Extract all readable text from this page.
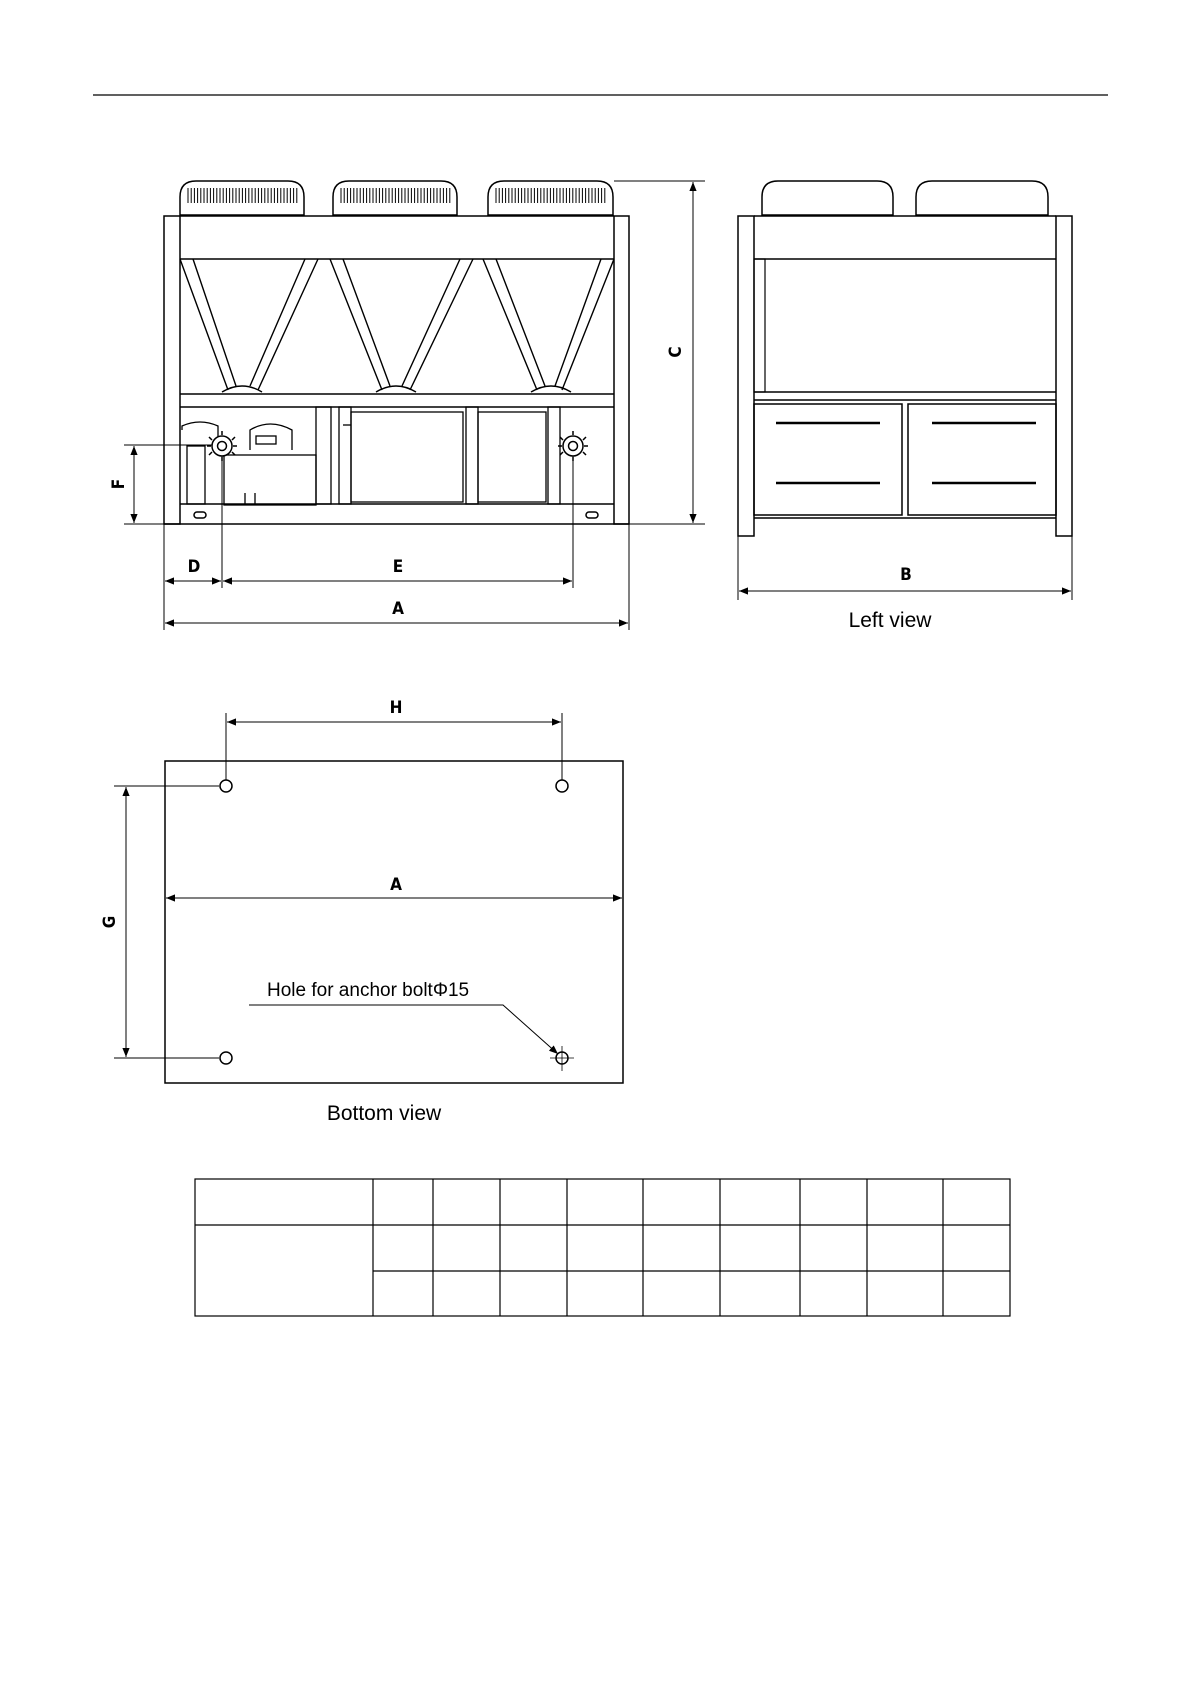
D	E
A
F
C
B
Left view
H
A
G
Hole for anchor boltΦ15
Bottom view
